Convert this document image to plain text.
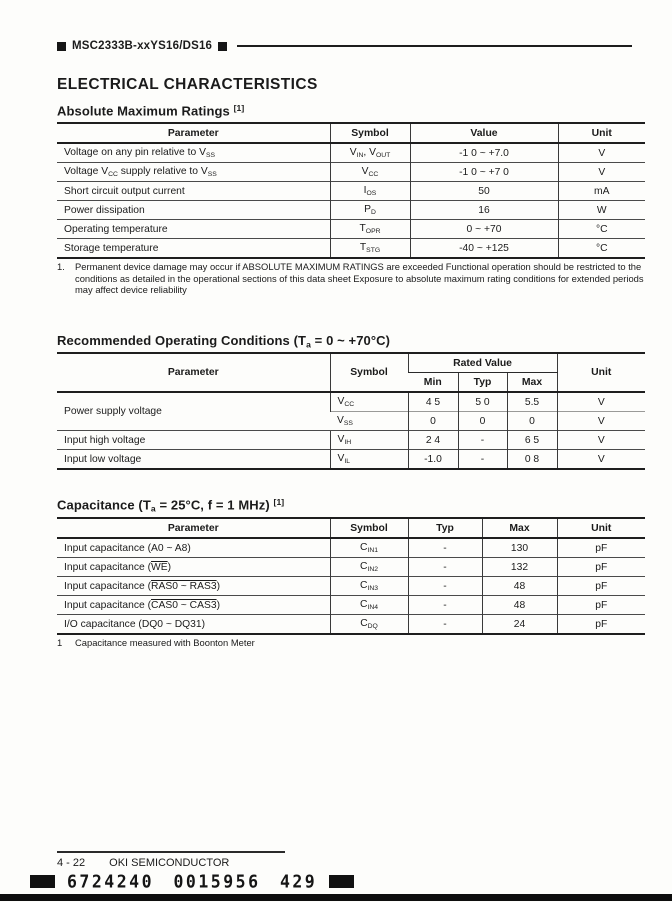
MSC2333B-xxYS16/DS16
ELECTRICAL CHARACTERISTICS
Absolute Maximum Ratings [1]
Parameter	Symbol	Value	Unit
Voltage on any pin relative to VSS	VIN, VOUT	-1 0 ~ +7.0	V
Voltage VCC supply relative to VSS	VCC	-1 0 ~ +7 0	V
Short circuit output current	IOS	50	mA
Power dissipation	PD	16	W
Operating temperature	TOPR	0 ~ +70	°C
Storage temperature	TSTG	-40 ~ +125	°C
1.	Permanent device damage may occur if ABSOLUTE MAXIMUM RATINGS are exceeded Functional operation should be restricted to the conditions as detailed in the operational sections of this data sheet Exposure to absolute maximum rating conditions for extended periods may affect device reliability
Recommended Operating Conditions (Ta = 0 ~ +70°C)
Parameter	Symbol	Rated Value			Unit
		Min	Typ	Max	
Power supply voltage	VCC	4 5	5 0	5.5	V
	VSS	0	0	0	V
Input high voltage	VIH	2 4	-	6 5	V
Input low voltage	VIL	-1.0	-	0 8	V
Capacitance (Ta = 25°C, f = 1 MHz) [1]
Parameter	Symbol	Typ	Max	Unit
Input capacitance (A0 ~ A8)	CIN1	-	130	pF
Input capacitance $(\overline{WE})$	CIN2	-	132	pF
Input capacitance (RAS0 ~ RAS3)	CIN3	-	48	pF
Input capacitance (CAS0 ~ CAS3)	CIN4	-	48	pF
I/O capacitance (DQ0 ~ DQ31)	CDQ	-	24	pF
1	Capacitance measured with Boonton Meter
4 - 22 OKI SEMICONDUCTOR
6724240 0015956 429
